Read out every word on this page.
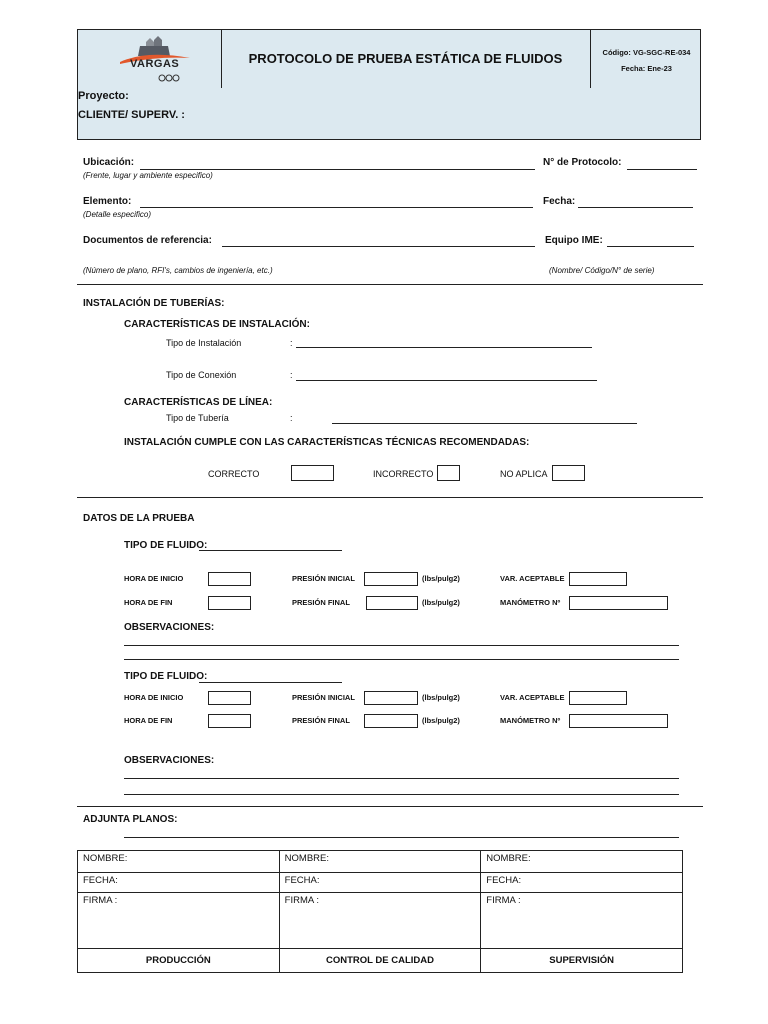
VARGAS	PROTOCOLO DE PRUEBA ESTÁTICA DE FLUIDOS	Código: VG-SGC-RE-034
Fecha: Ene-23
Proyecto:
CLIENTE/ SUPERV. :
Ubicación:
(Frente, lugar y ambiente especifico)
N° de Protocolo:
Elemento:
(Detalle especifico)
Fecha:
Documentos de referencia:	Equipo IME:
(Número de plano, RFI's, cambios de ingeniería, etc.)	(Nombre/ Código/N° de serie)
INSTALACIÓN DE TUBERÍAS:
CARACTERÍSTICAS DE INSTALACIÓN:
Tipo de Instalación	:
Tipo de Conexión	:
CARACTERÍSTICAS DE LÍNEA:
Tipo de Tubería	:
INSTALACIÓN CUMPLE CON LAS CARACTERÍSTICAS TÉCNICAS RECOMENDADAS:
CORRECTO	INCORRECTO	NO APLICA
DATOS DE LA PRUEBA
TIPO DE FLUIDO:
HORA DE INICIO	PRESIÓN INICIAL	(lbs/pulg2)	VAR. ACEPTABLE
HORA DE FIN	PRESIÓN FINAL	(lbs/pulg2)	MANÓMETRO Nº
OBSERVACIONES:
TIPO DE FLUIDO:
HORA DE INICIO	PRESIÓN INICIAL	(lbs/pulg2)	VAR. ACEPTABLE
HORA DE FIN	PRESIÓN FINAL	(lbs/pulg2)	MANÓMETRO Nº
OBSERVACIONES:
ADJUNTA PLANOS:
NOMBRE:	NOMBRE:	NOMBRE:
FECHA:	FECHA:	FECHA:
FIRMA :	FIRMA :	FIRMA :
PRODUCCIÓN	CONTROL DE CALIDAD	SUPERVISIÓN
